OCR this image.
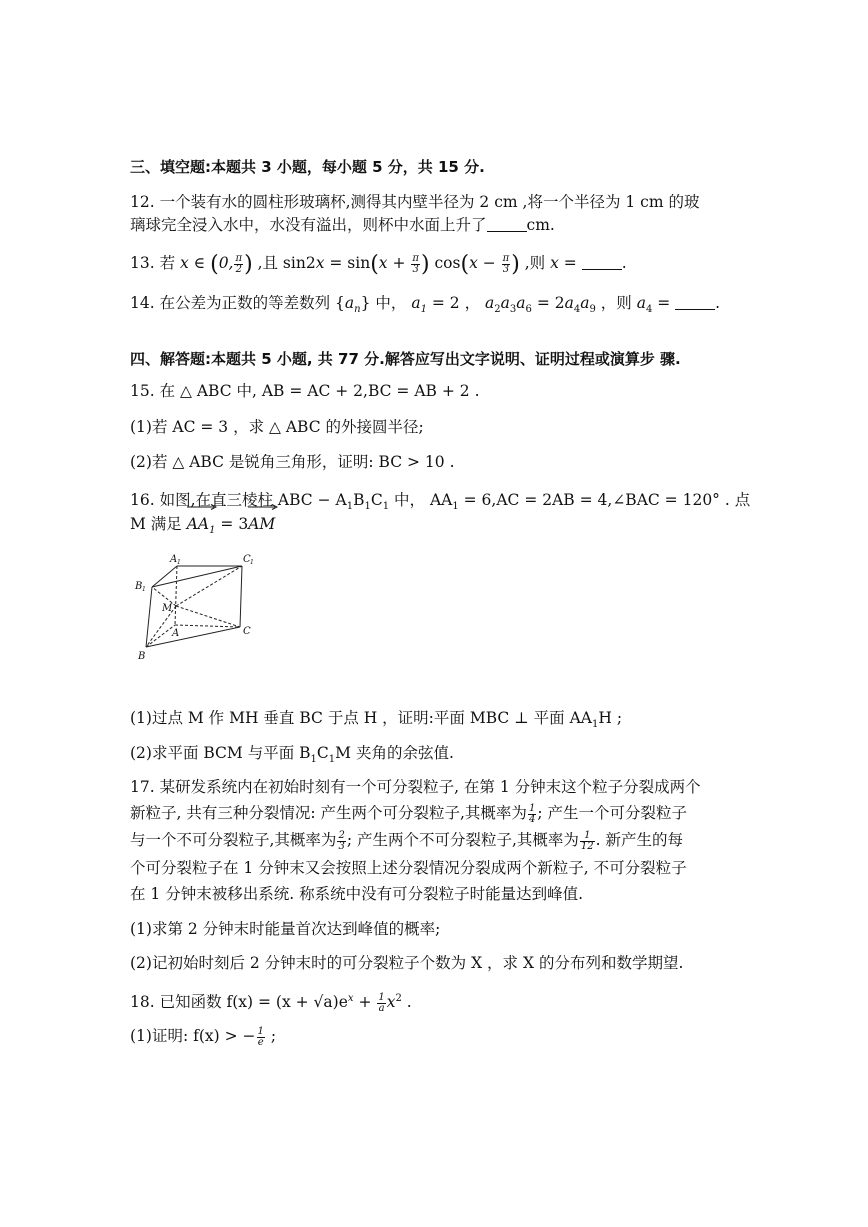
三、填空题:本题共 3 小题，每小题 5 分，共 15 分.
12. 一个装有水的圆柱形玻璃杯,测得其内壁半径为 2 cm ,将一个半径为 1 cm 的玻
璃球完全浸入水中，水没有溢出，则杯中水面上升了	cm.
13. 若 x ∈ (0, $\frac{\pi}{2}$ ) ,且 $\sin 2x = \sin(x + \frac{\pi}{3}$ ) $\cos(x - \frac{\pi}{3}$ ) ,则 x =	.
14. 在公差为正数的等差数列 $\{a_n\}$ 中， $a_1 = 2$ ， $a_2a_3a_6 = 2a_4a_9$ ，则 $a_4$ =	.
四、解答题:本题共 5 小题, 共 77 分.解答应写出文字说明、证明过程或演算步 骤.
15. 在 △ ABC 中, AB = AC + 2,BC = AB + 2 .
(1)若 AC = 3 ，求 △ ABC 的外接圆半径;
(2)若 △ ABC 是锐角三角形，证明: BC > 10 .
16. 如图,在直三棱柱 ABC − $A_1B_1C_1$ 中， $AA_1 = 6,AC = 2AB$ = 4,∠BAC = 120° . 点
M 满足
$AA_1 = 3$
AM
A 1	C 1
B 1
M
A	C
B
(1)过点 M 作 MH 垂直 BC 于点 H ，证明:平面 MBC ⊥ 平面 $AA_1H$ ;
(2)求平面 BCM 与平面 $B_1C_1M$ 夹角的余弦值.
17. 某研发系统内在初始时刻有一个可分裂粒子, 在第 1 分钟末这个粒子分裂成两个
新粒子, 共有三种分裂情况: 产生两个可分裂粒子,其概率为 $\frac{1}{4}$ ; 产生一个可分裂粒子
与一个不可分裂粒子,其概率为 $\frac{2}{3}$ ; 产生两个不可分裂粒子,其概率为 $\frac{1}{12}$ . 新产生的每
个可分裂粒子在 1 分钟末又会按照上述分裂情况分裂成两个新粒子, 不可分裂粒子
在 1 分钟末被移出系统. 称系统中没有可分裂粒子时能量达到峰值.
(1)求第 2 分钟末时能量首次达到峰值的概率;
(2)记初始时刻后 2 分钟末时的可分裂粒子个数为 X ，求 X 的分布列和数学期望.
18. 已知函数 $f(x) = (x + √a)e^x + \frac{1}{a} x^2$ .
(1)证明: f(x) > − $\frac{1}{e}$ ;
